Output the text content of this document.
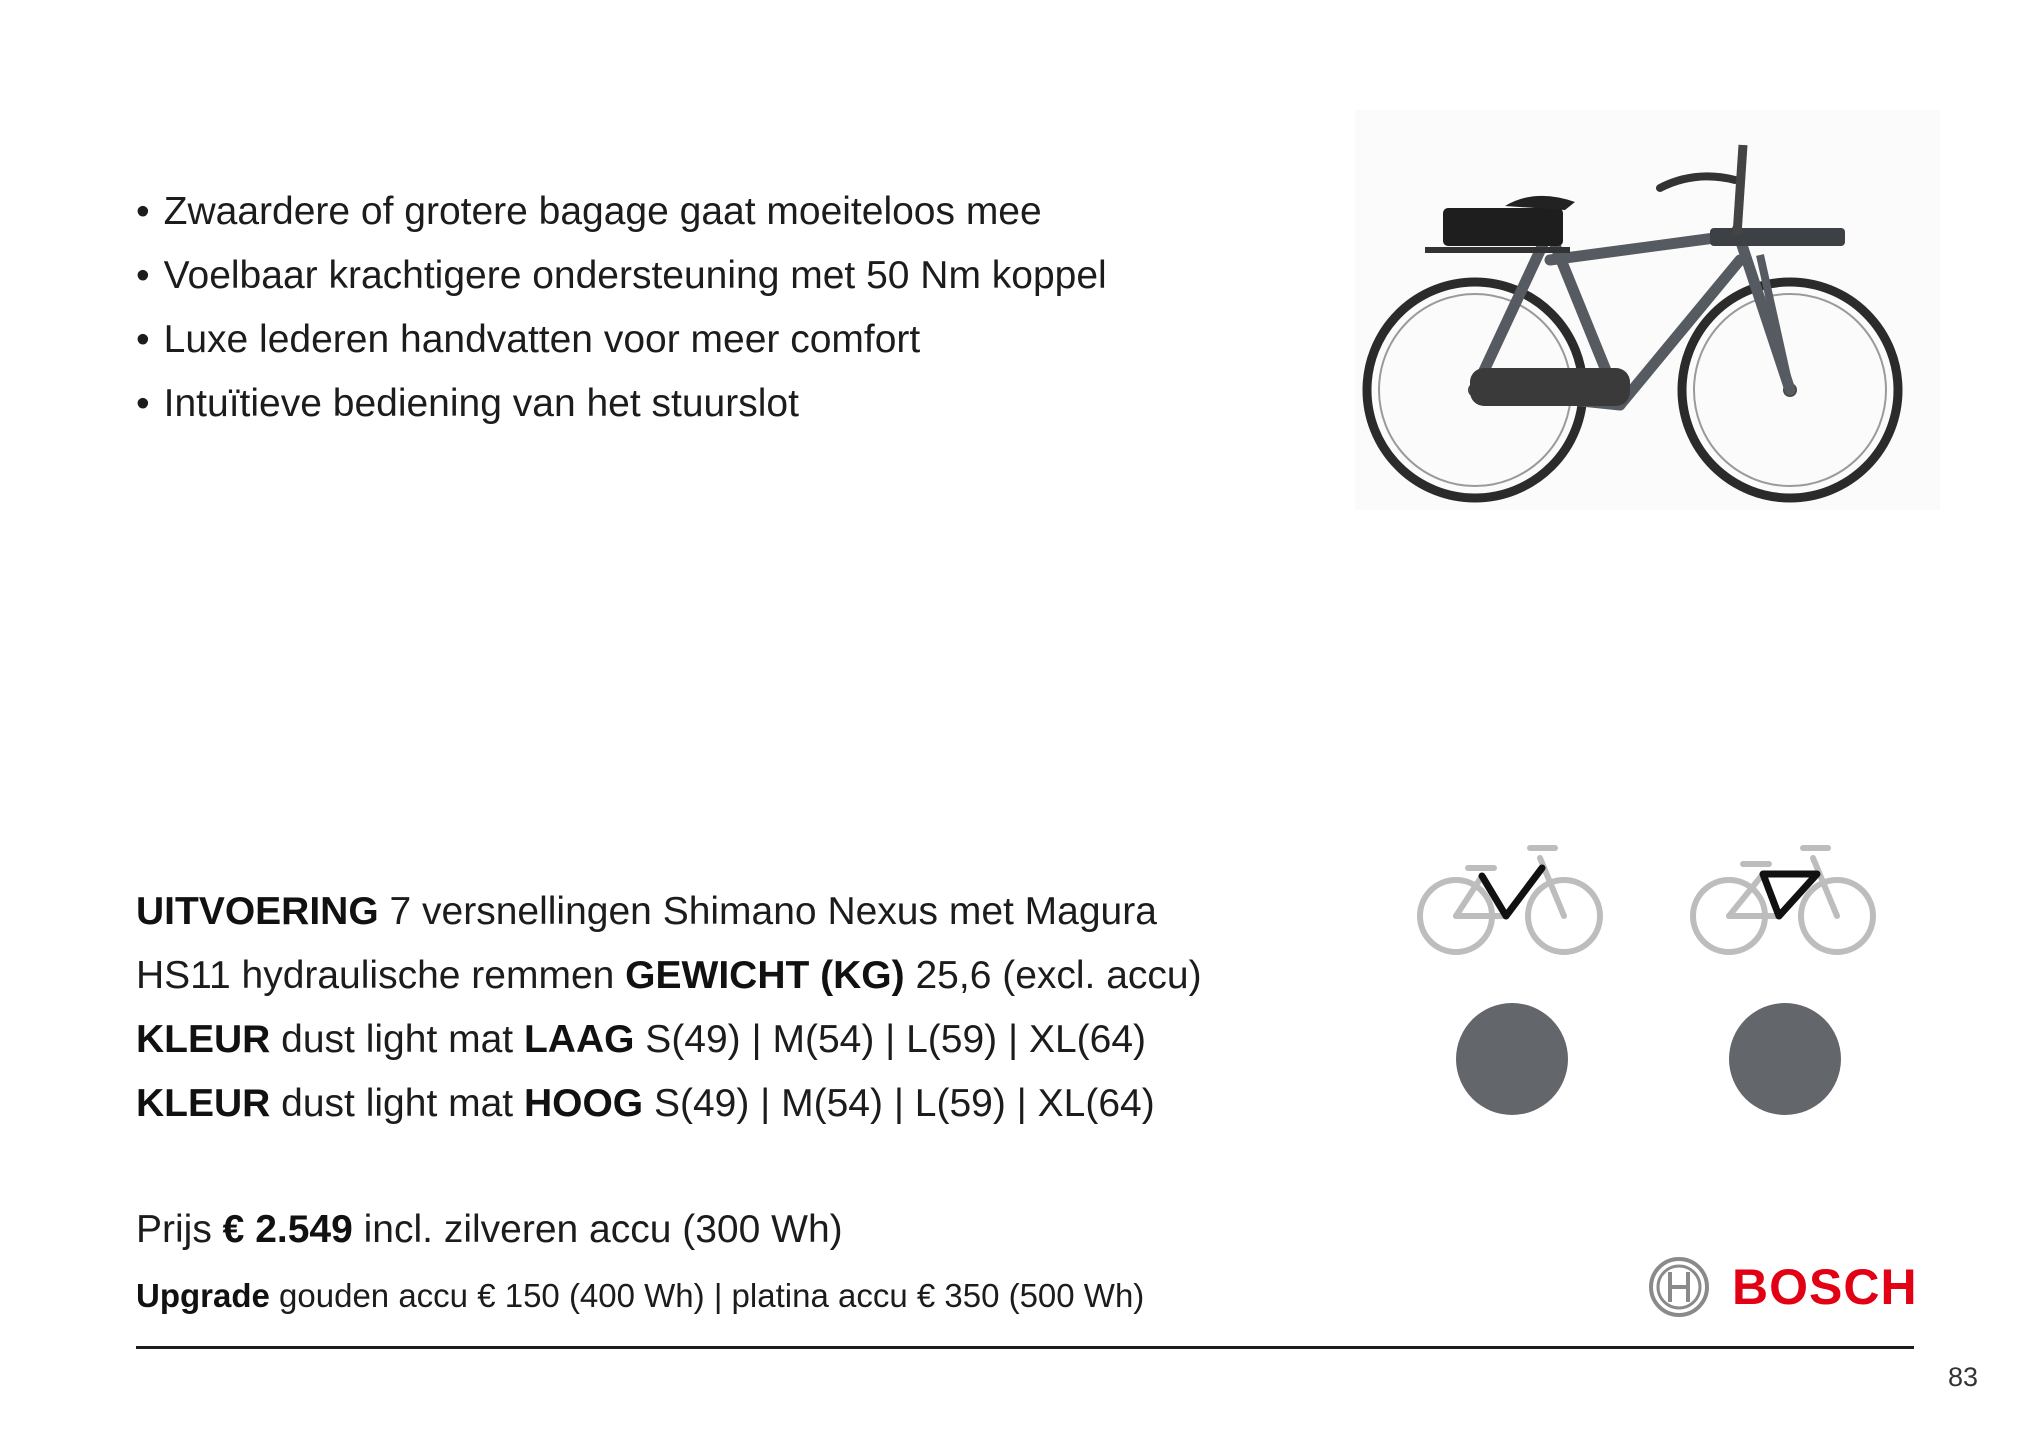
• Zwaardere of grotere bagage gaat moeiteloos mee
• Voelbaar krachtigere ondersteuning met 50 Nm koppel
• Luxe lederen handvatten voor meer comfort
• Intuïtieve bediening van het stuurslot
UITVOERING 7 versnellingen Shimano Nexus met Magura
HS11 hydraulische remmen GEWICHT (KG) 25,6 (excl. accu)
KLEUR dust light mat LAAG S(49) | M(54) | L(59) | XL(64)
KLEUR dust light mat HOOG S(49) | M(54) | L(59) | XL(64)
Prijs € 2.549 incl. zilveren accu (300 Wh)
Upgrade gouden accu € 150 (400 Wh) | platina accu € 350 (500 Wh)	BOSCH
83
